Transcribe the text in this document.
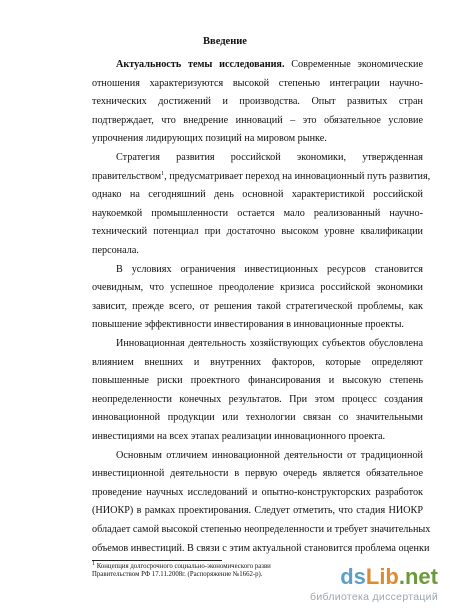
Введение
Актуальность темы исследования. Современные экономические
отношения характеризуются высокой степенью интеграции научно-
технических достижений и производства. Опыт развитых стран
подтверждает, что внедрение инноваций – это обязательное условие
упрочнения лидирующих позиций на мировом рынке.
Стратегия развития российской экономики, утвержденная
правительством$^1$, предусматривает переход на инновационный путь развития,
однако на сегодняшний день основной характеристикой российской
наукоемкой промышленности остается мало реализованный научно-
технический потенциал при достаточно высоком уровне квалификации
персонала.
В условиях ограничения инвестиционных ресурсов становится
очевидным, что успешное преодоление кризиса российской экономики
зависит, прежде всего, от решения такой стратегической проблемы, как
повышение эффективности инвестирования в инновационные проекты.
Инновационная деятельность хозяйствующих субъектов обусловлена
влиянием внешних и внутренних факторов, которые определяют
повышенные риски проектного финансирования и высокую степень
неопределенности конечных результатов. При этом процесс создания
инновационной продукции или технологии связан со значительными
инвестициями на всех этапах реализации инновационного проекта.
Основным отличием инновационной деятельности от традиционной
инвестиционной деятельности в первую очередь является обязательное
проведение научных исследований и опытно-конструкторских разработок
(НИОКР) в рамках проектирования. Следует отметить, что стадия НИОКР
обладает самой высокой степенью неопределенности и требует значительных
объемов инвестиций. В связи с этим актуальной становится проблема оценки
$^1$ Концепция долгосрочного социально-экономического разви
Правительством РФ 17.11.2008г. (Распоряжение №1662-р).	dsLib.net
библиотека диссертаций
